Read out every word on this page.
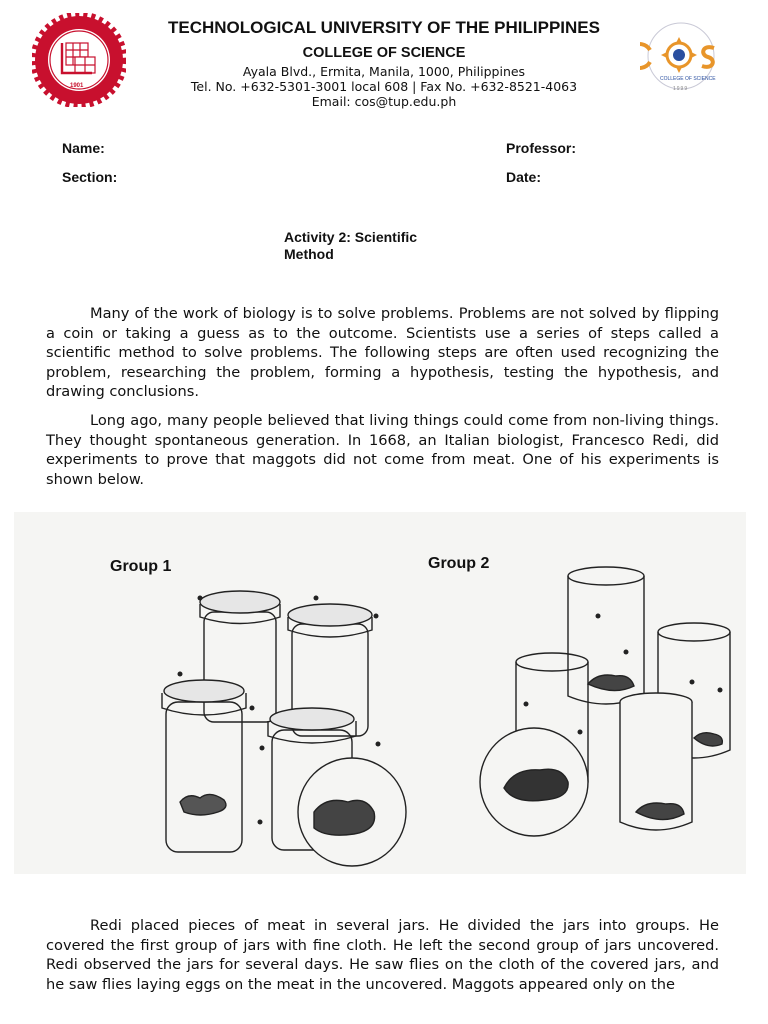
1901
COLLEGE OF SCIENCE
1999
TECHNOLOGICAL UNIVERSITY OF THE PHILIPPINES
COLLEGE OF SCIENCE
Ayala Blvd., Ermita, Manila, 1000, Philippines
Tel. No. +632-5301-3001 local 608 | Fax No. +632-8521-4063
Email: cos@tup.edu.ph
Name:
Section:
Professor:
Date:
Activity 2: Scientific
Method

Many of the work of biology is to solve problems. Problems are not solved by flipping a coin or taking a guess as to the outcome. Scientists use a series of steps called a scientific method to solve problems. The following steps are often used recognizing the problem, researching the problem, forming a hypothesis, testing the hypothesis, and drawing conclusions.

Long ago, many people believed that living things could come from non-living things. They thought spontaneous generation. In 1668, an Italian biologist, Francesco Redi, did experiments to prove that maggots did not come from meat. One of his experiments is shown below.

Group 1	Group 2

Redi placed pieces of meat in several jars. He divided the jars into groups. He covered the first group of jars with fine cloth. He left the second group of jars uncovered. Redi observed the jars for several days. He saw flies on the cloth of the covered jars, and he saw flies laying eggs on the meat in the uncovered. Maggots appeared only on the
